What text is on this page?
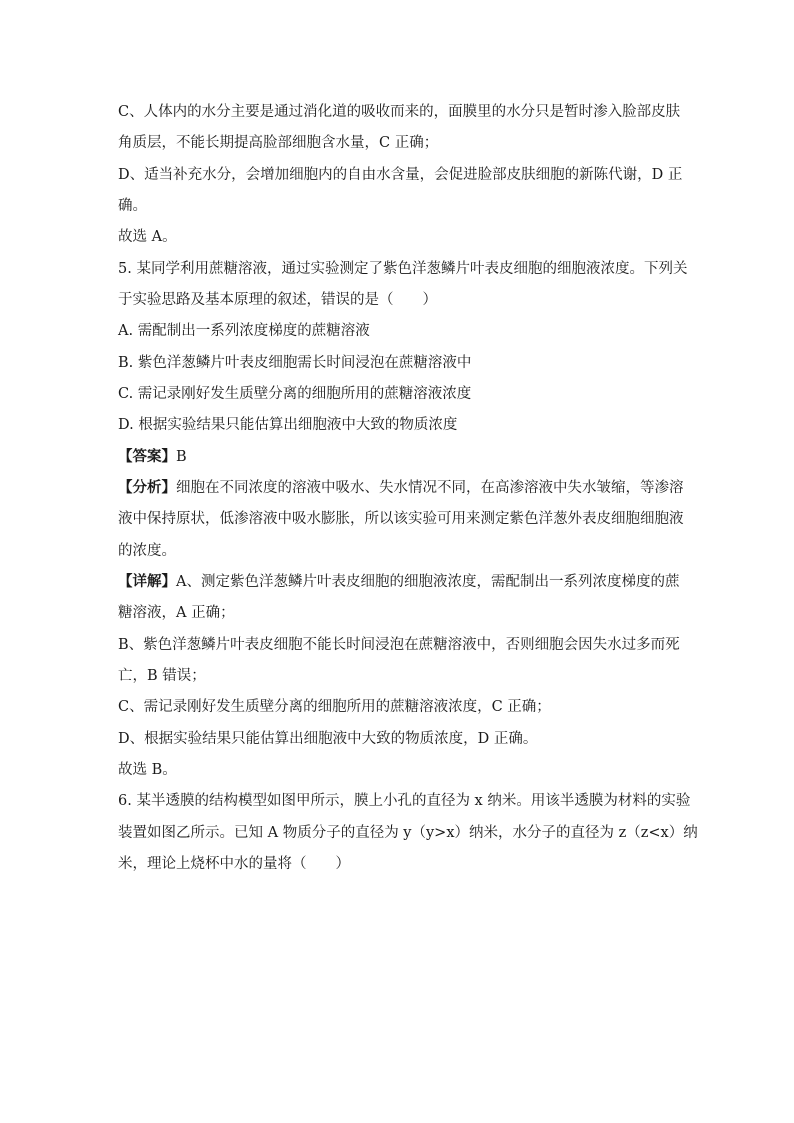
C、人体内的水分主要是通过消化道的吸收而来的，面膜里的水分只是暂时渗入脸部皮肤
角质层，不能长期提高脸部细胞含水量，C 正确；
D、适当补充水分，会增加细胞内的自由水含量，会促进脸部皮肤细胞的新陈代谢，D 正
确。
故选 A。
5. 某同学利用蔗糖溶液，通过实验测定了紫色洋葱鳞片叶表皮细胞的细胞液浓度。下列关
于实验思路及基本原理的叙述，错误的是（　　）
A. 需配制出一系列浓度梯度的蔗糖溶液
B. 紫色洋葱鳞片叶表皮细胞需长时间浸泡在蔗糖溶液中
C. 需记录刚好发生质壁分离的细胞所用的蔗糖溶液浓度
D. 根据实验结果只能估算出细胞液中大致的物质浓度
【答案】B
【分析】细胞在不同浓度的溶液中吸水、失水情况不同，在高渗溶液中失水皱缩，等渗溶
液中保持原状，低渗溶液中吸水膨胀，所以该实验可用来测定紫色洋葱外表皮细胞细胞液
的浓度。
【详解】A、测定紫色洋葱鳞片叶表皮细胞的细胞液浓度，需配制出一系列浓度梯度的蔗
糖溶液，A 正确；
B、紫色洋葱鳞片叶表皮细胞不能长时间浸泡在蔗糖溶液中，否则细胞会因失水过多而死
亡，B 错误；
C、需记录刚好发生质壁分离的细胞所用的蔗糖溶液浓度，C 正确；
D、根据实验结果只能估算出细胞液中大致的物质浓度，D 正确。
故选 B。
6. 某半透膜的结构模型如图甲所示，膜上小孔的直径为 x 纳米。用该半透膜为材料的实验
装置如图乙所示。已知 A 物质分子的直径为 y（y>x）纳米，水分子的直径为 z（z<x）纳
米，理论上烧杯中水的量将（　　）
